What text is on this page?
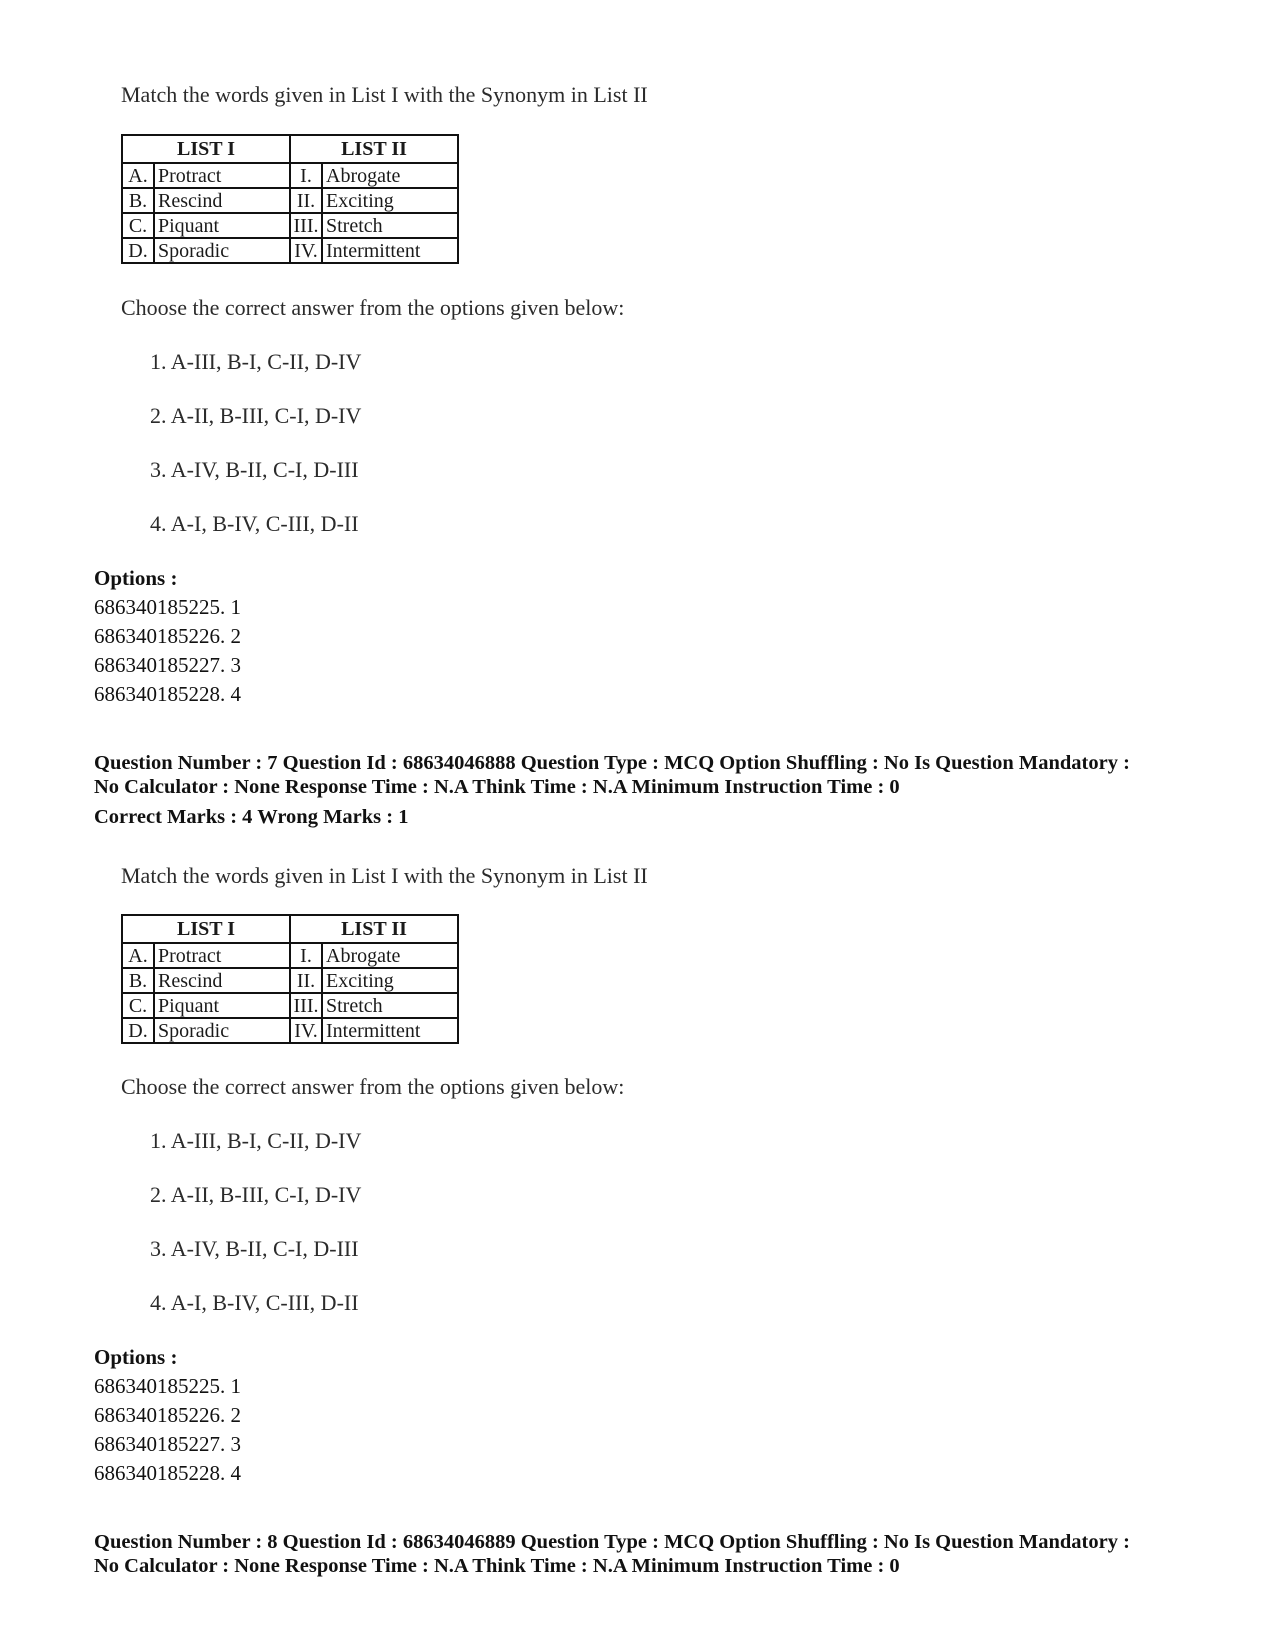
Match the words given in List I with the Synonym in List II
LIST I		LIST II	
A.	Protract	I.	Abrogate
B.	Rescind	II.	Exciting
C.	Piquant	III.	Stretch
D.	Sporadic	IV.	Intermittent
Choose the correct answer from the options given below:
1. A-III, B-I, C-II, D-IV
2. A-II, B-III, C-I, D-IV
3. A-IV, B-II, C-I, D-III
4. A-I, B-IV, C-III, D-II
Options :
686340185225. 1
686340185226. 2
686340185227. 3
686340185228. 4
Question Number : 7 Question Id : 68634046888 Question Type : MCQ Option Shuffling : No Is Question Mandatory :
No Calculator : None Response Time : N.A Think Time : N.A Minimum Instruction Time : 0
Correct Marks : 4 Wrong Marks : 1
Match the words given in List I with the Synonym in List II
LIST I		LIST II	
A.	Protract	I.	Abrogate
B.	Rescind	II.	Exciting
C.	Piquant	III.	Stretch
D.	Sporadic	IV.	Intermittent
Choose the correct answer from the options given below:
1. A-III, B-I, C-II, D-IV
2. A-II, B-III, C-I, D-IV
3. A-IV, B-II, C-I, D-III
4. A-I, B-IV, C-III, D-II
Options :
686340185225. 1
686340185226. 2
686340185227. 3
686340185228. 4
Question Number : 8 Question Id : 68634046889 Question Type : MCQ Option Shuffling : No Is Question Mandatory :
No Calculator : None Response Time : N.A Think Time : N.A Minimum Instruction Time : 0
